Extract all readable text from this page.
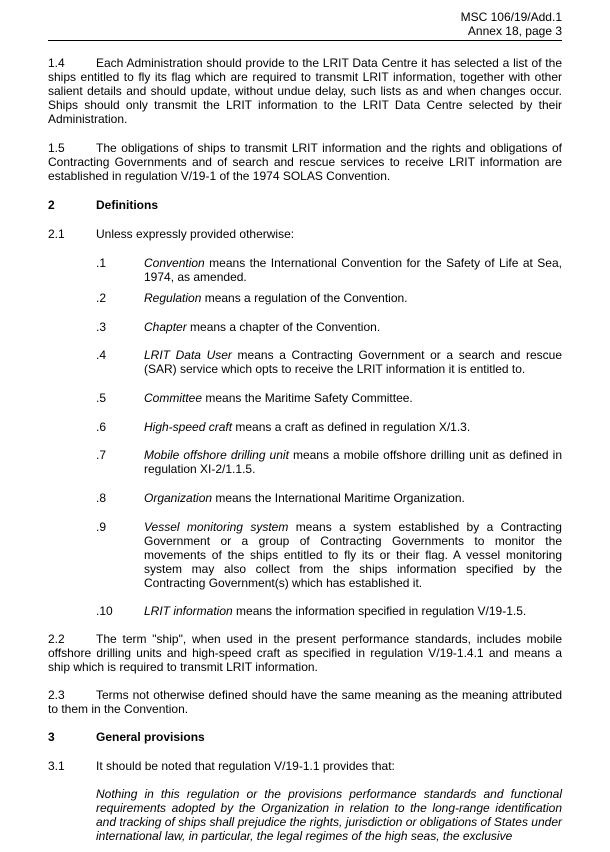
MSC 106/19/Add.1
Annex 18, page 3
1.4	Each Administration should provide to the LRIT Data Centre it has selected a list of the ships entitled to fly its flag which are required to transmit LRIT information, together with other salient details and should update, without undue delay, such lists as and when changes occur. Ships should only transmit the LRIT information to the LRIT Data Centre selected by their Administration.
1.5	The obligations of ships to transmit LRIT information and the rights and obligations of Contracting Governments and of search and rescue services to receive LRIT information are established in regulation V/19-1 of the 1974 SOLAS Convention.
2	Definitions
2.1	Unless expressly provided otherwise:
.1	Convention means the International Convention for the Safety of Life at Sea, 1974, as amended.
.2	Regulation means a regulation of the Convention.
.3	Chapter means a chapter of the Convention.
.4	LRIT Data User means a Contracting Government or a search and rescue (SAR) service which opts to receive the LRIT information it is entitled to.
.5	Committee means the Maritime Safety Committee.
.6	High-speed craft means a craft as defined in regulation X/1.3.
.7	Mobile offshore drilling unit means a mobile offshore drilling unit as defined in regulation XI-2/1.1.5.
.8	Organization means the International Maritime Organization.
.9	Vessel monitoring system means a system established by a Contracting Government or a group of Contracting Governments to monitor the movements of the ships entitled to fly its or their flag. A vessel monitoring system may also collect from the ships information specified by the Contracting Government(s) which has established it.
.10	LRIT information means the information specified in regulation V/19-1.5.
2.2	The term "ship", when used in the present performance standards, includes mobile offshore drilling units and high-speed craft as specified in regulation V/19-1.4.1 and means a ship which is required to transmit LRIT information.
2.3	Terms not otherwise defined should have the same meaning as the meaning attributed to them in the Convention.
3	General provisions
3.1	It should be noted that regulation V/19-1.1 provides that:
Nothing in this regulation or the provisions performance standards and functional requirements adopted by the Organization in relation to the long-range identification and tracking of ships shall prejudice the rights, jurisdiction or obligations of States under international law, in particular, the legal regimes of the high seas, the exclusive
